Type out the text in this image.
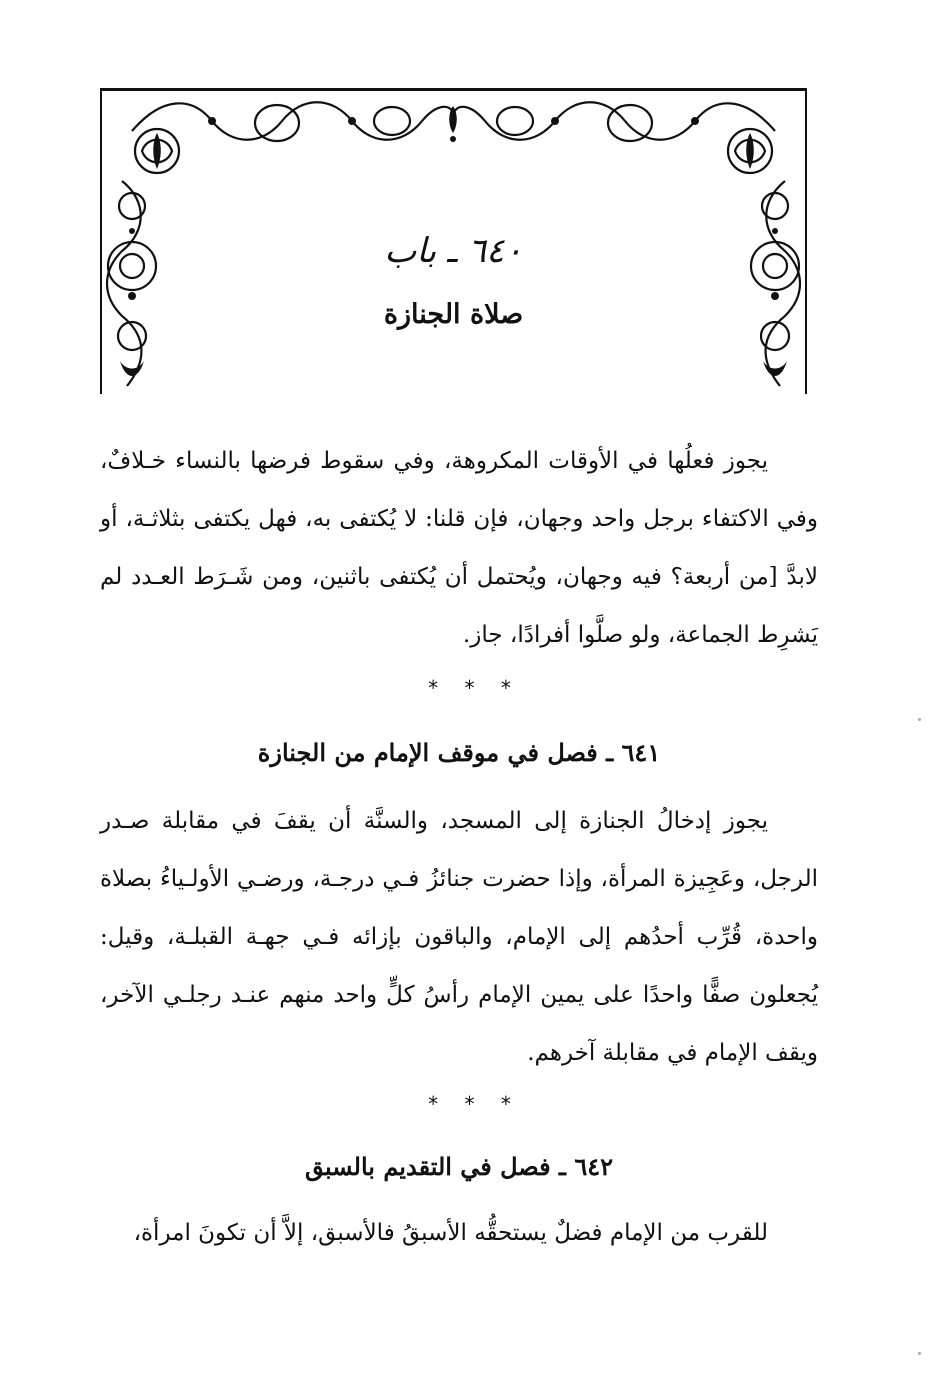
٦٤٠ ـ باب
صلاة الجنازة
يجوز فعلُها في الأوقات المكروهة، وفي سقوط فرضها بالنساء خـلافٌ، وفي الاكتفاء برجل واحد وجهان، فإن قلنا: لا يُكتفى به، فهل يكتفى بثلاثـة، أو لابدَّ [من أربعة؟ فيه وجهان، ويُحتمل أن يُكتفى باثنين، ومن شَـرَط العـدد لم يَشرِط الجماعة، ولو صلَّوا أفرادًا، جاز.
* * *
٦٤١ ـ فصل في موقف الإمام من الجنازة
يجوز إدخالُ الجنازة إلى المسجد، والسنَّة أن يقفَ في مقابلة صـدر الرجل، وعَجِيزة المرأة، وإذا حضرت جنائزُ فـي درجـة، ورضـي الأولـياءُ بصلاة واحدة، قُرِّب أحدُهم إلى الإمام، والباقون بإزائه فـي جهـة القبلـة، وقيل: يُجعلون صفًّا واحدًا على يمين الإمام رأسُ كلٍّ واحد منهم عنـد رجلـي الآخر، ويقف الإمام في مقابلة آخرهم.
* * *
٦٤٢ ـ فصل في التقديم بالسبق
للقرب من الإمام فضلٌ يستحقُّه الأسبقُ فالأسبق، إلاَّ أن تكونَ امرأة،
